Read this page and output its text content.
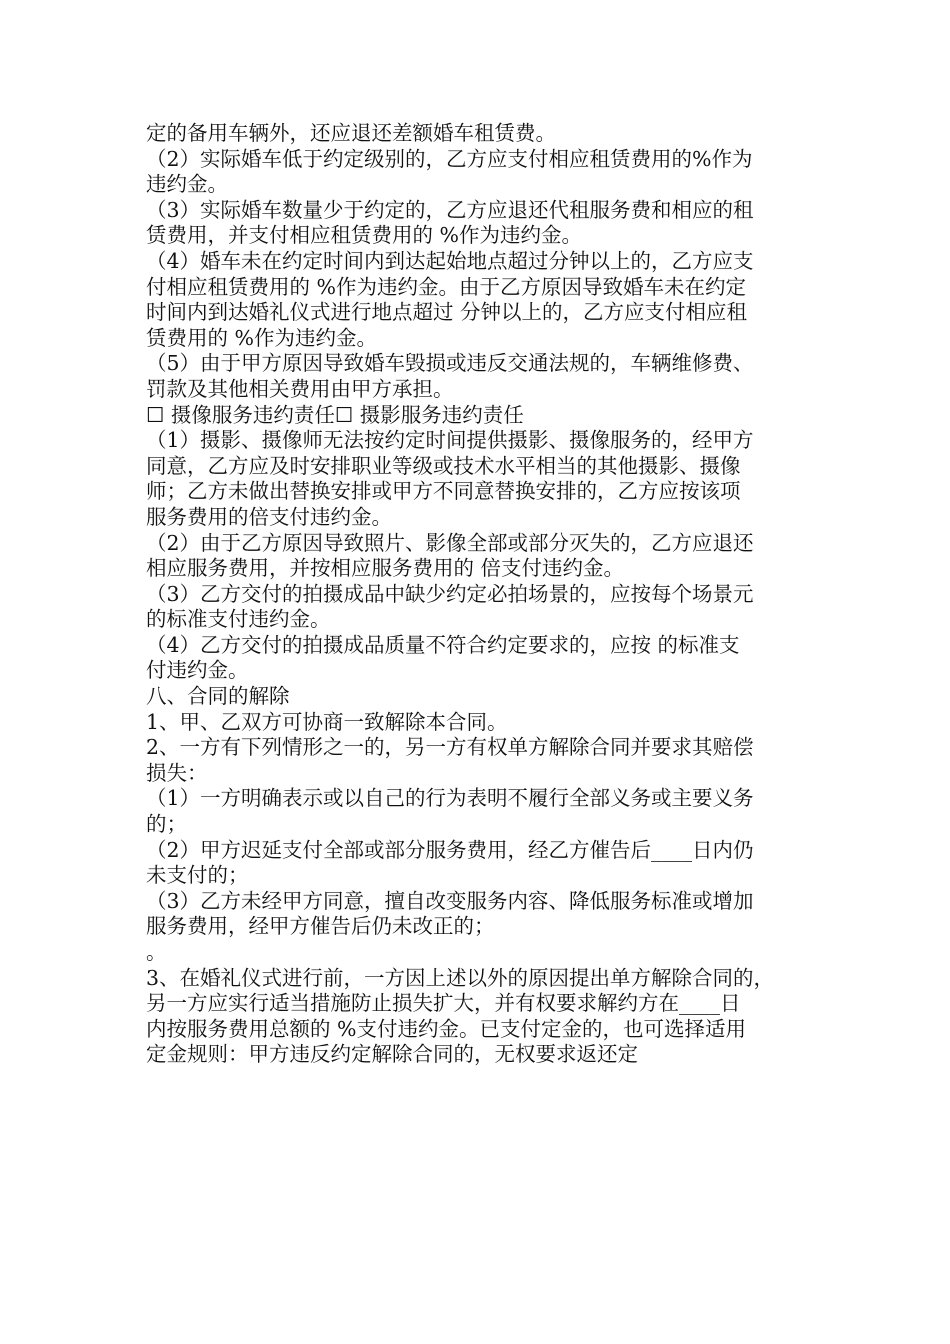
定的备用车辆外，还应退还差额婚车租赁费。
（2）实际婚车低于约定级别的，乙方应支付相应租赁费用的%作为
违约金。
（3）实际婚车数量少于约定的，乙方应退还代租服务费和相应的租
赁费用，并支付相应租赁费用的 %作为违约金。
（4）婚车未在约定时间内到达起始地点超过分钟以上的，乙方应支
付相应租赁费用的 %作为违约金。由于乙方原因导致婚车未在约定
时间内到达婚礼仪式进行地点超过 分钟以上的，乙方应支付相应租
赁费用的 %作为违约金。
（5）由于甲方原因导致婚车毁损或违反交通法规的，车辆维修费、
罚款及其他相关费用由甲方承担。
☐ 摄像服务违约责任☐ 摄影服务违约责任
（1）摄影、摄像师无法按约定时间提供摄影、摄像服务的，经甲方
同意，乙方应及时安排职业等级或技术水平相当的其他摄影、摄像
师；乙方未做出替换安排或甲方不同意替换安排的，乙方应按该项
服务费用的倍支付违约金。
（2）由于乙方原因导致照片、影像全部或部分灭失的，乙方应退还
相应服务费用，并按相应服务费用的 倍支付违约金。
（3）乙方交付的拍摄成品中缺少约定必拍场景的，应按每个场景元
的标准支付违约金。
（4）乙方交付的拍摄成品质量不符合约定要求的，应按 的标准支
付违约金。
八、合同的解除
1、甲、乙双方可协商一致解除本合同。
2、一方有下列情形之一的，另一方有权单方解除合同并要求其赔偿
损失：
（1）一方明确表示或以自己的行为表明不履行全部义务或主要义务
的；
（2）甲方迟延支付全部或部分服务费用，经乙方催告后____日内仍
未支付的；
（3）乙方未经甲方同意，擅自改变服务内容、降低服务标准或增加
服务费用，经甲方催告后仍未改正的；
。
3、在婚礼仪式进行前，一方因上述以外的原因提出单方解除合同的，
另一方应实行适当措施防止损失扩大，并有权要求解约方在____日
内按服务费用总额的 %支付违约金。已支付定金的，也可选择适用
定金规则：甲方违反约定解除合同的，无权要求返还定
